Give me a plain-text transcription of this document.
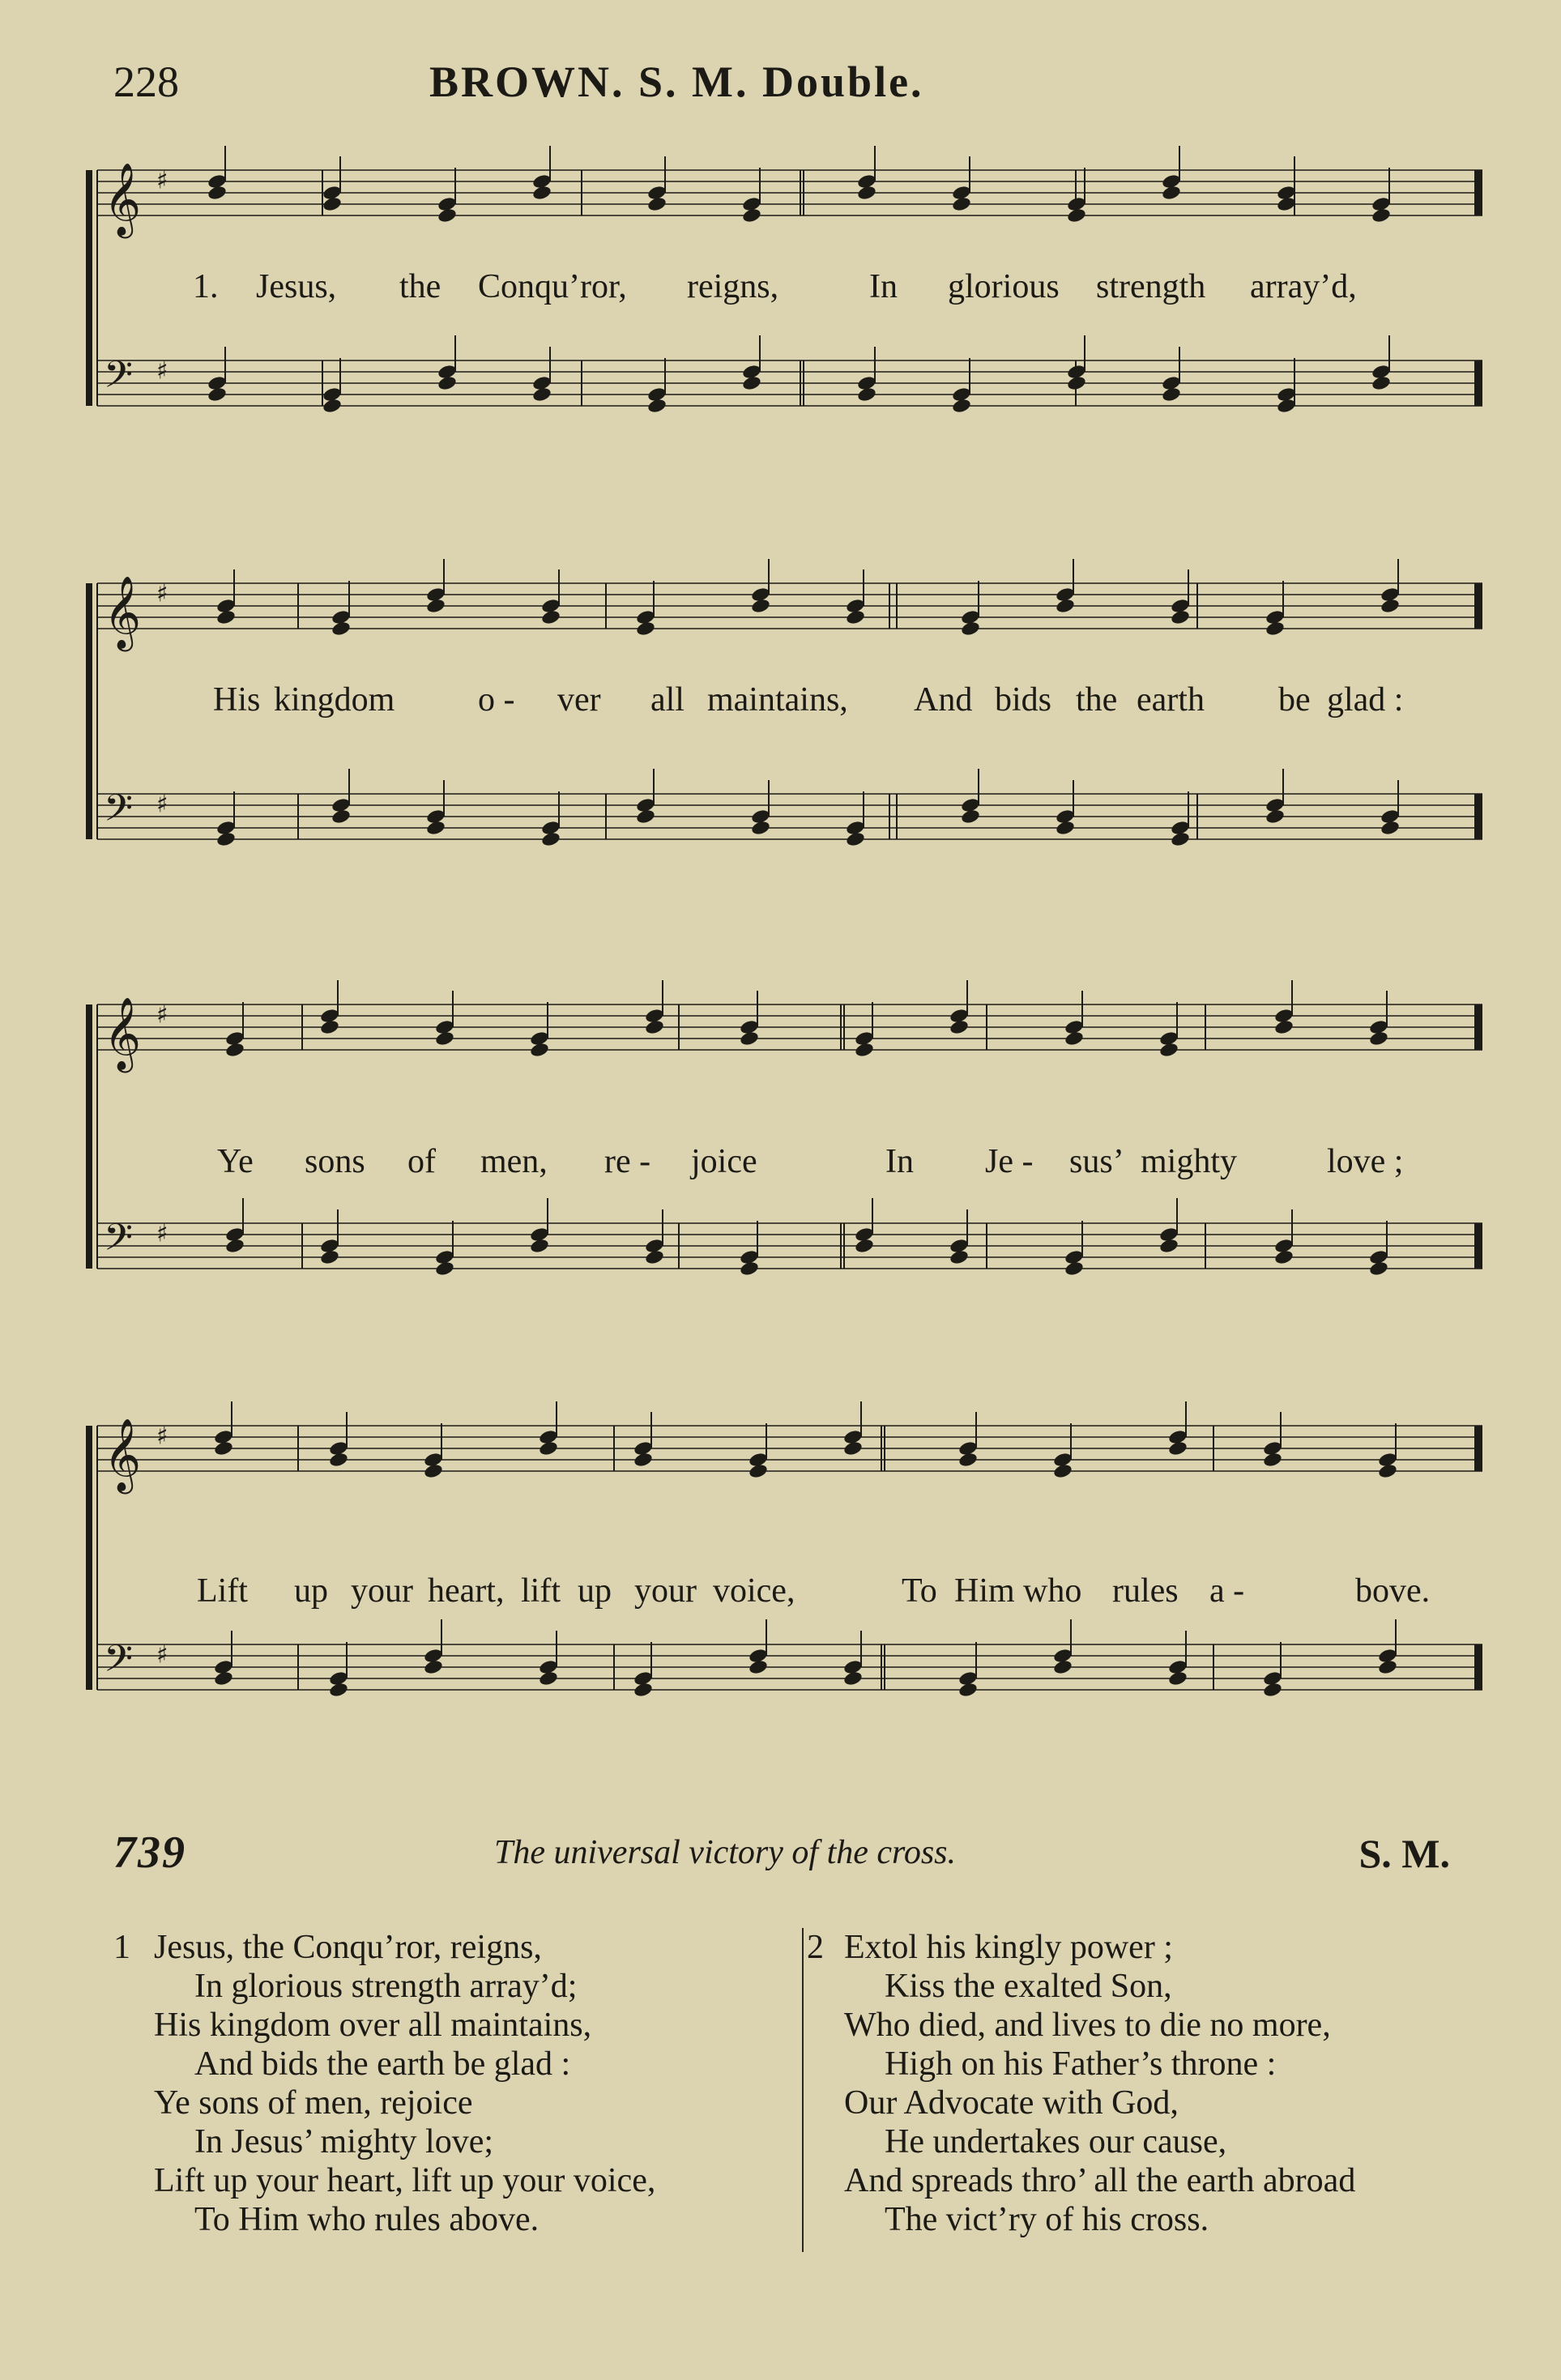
228	BROWN. S. M. Double.
𝄞 ♯
𝄢 ♯

1.

Jesus,

the

Conqu’ror,

reigns,

	In

glorious

strength

array’d,

𝄞 ♯
𝄢 ♯

His

kingdom

o -

ver

all

maintains,

And

bids

the

earth

be

glad :

𝄞 ♯
𝄢 ♯

Ye

sons

of

men,

re -

joice

	In

Je -

sus’

mighty

	love ;

𝄞 ♯
𝄢 ♯

Lift

up

your

heart,

lift

up

your

voice,

	To

Him

who

rules

a -

	bove.

739	The universal victory of the cross.	S. M.
1 Jesus, the Conqu’ror, reigns,
In glorious strength array’d;
His kingdom over all maintains,
And bids the earth be glad :
Ye sons of men, rejoice
In Jesus’ mighty love;
Lift up your heart, lift up your voice,
To Him who rules above.
2 Extol his kingly power ;
Kiss the exalted Son,
Who died, and lives to die no more,
High on his Father’s throne :
Our Advocate with God,
He undertakes our cause,
And spreads thro’ all the earth abroad
The vict’ry of his cross.
